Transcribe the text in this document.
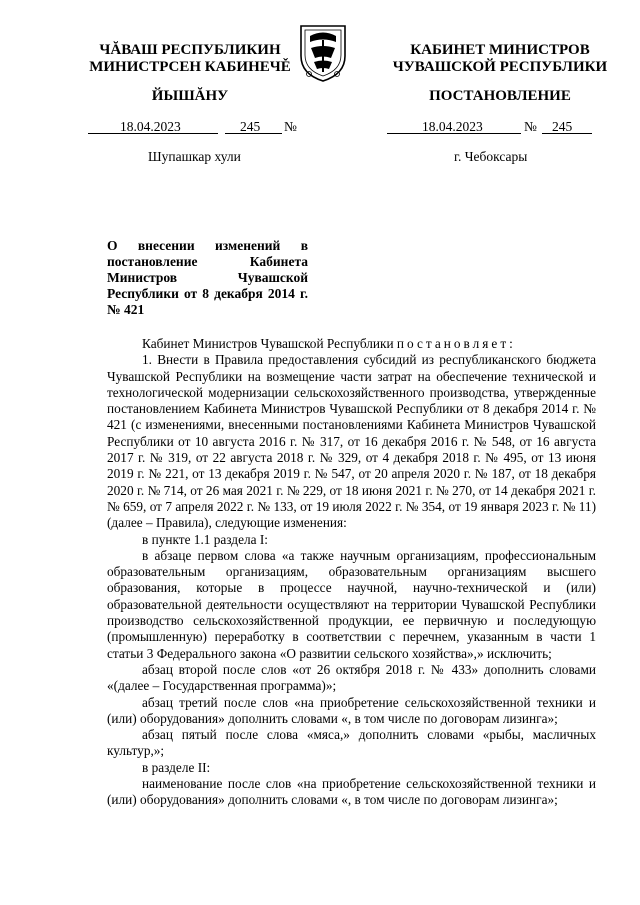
ЧĂВАШ РЕСПУБЛИКИН
МИНИСТРСЕН КАБИНЕЧĚ
ЙЫШĂНУ
КАБИНЕТ МИНИСТРОВ
ЧУВАШСКОЙ РЕСПУБЛИКИ
ПОСТАНОВЛЕНИЕ
18.04.2023	245 №	18.04.2023	№ 245
Шупашкар хули	г. Чебоксары
О внесении изменений в постановление Кабинета Министров Чувашской Республики от 8 декабря 2014 г. № 421

Кабинет Министров Чувашской Республики постановляет:

1. Внести в Правила предоставления субсидий из республиканского бюджета Чувашской Республики на возмещение части затрат на обеспечение технической и технологической модернизации сельскохозяйственного производства, утвержденные постановлением Кабинета Министров Чувашской Республики от 8 декабря 2014 г. № 421 (с изменениями, внесенными постановлениями Кабинета Министров Чувашской Республики от 10 августа 2016 г. № 317, от 16 декабря 2016 г. № 548, от 16 августа 2017 г. № 319, от 22 августа 2018 г. № 329, от 4 декабря 2018 г. № 495, от 13 июня 2019 г. № 221, от 13 декабря 2019 г. № 547, от 20 апреля 2020 г. № 187, от 18 декабря 2020 г. № 714, от 26 мая 2021 г. № 229, от 18 июня 2021 г. № 270, от 14 декабря 2021 г. № 659, от 7 апреля 2022 г. № 133, от 19 июля 2022 г. № 354, от 19 января 2023 г. № 11) (далее – Правила), следующие изменения:

в пункте 1.1 раздела I:

в абзаце первом слова «а также научным организациям, профессиональным образовательным организациям, образовательным организациям высшего образования, которые в процессе научной, научно-технической и (или) образовательной деятельности осуществляют на территории Чувашской Республики производство сельскохозяйственной продукции, ее первичную и последующую (промышленную) переработку в соответствии с перечнем, указанным в части 1 статьи 3 Федерального закона «О развитии сельского хозяйства»,» исключить;

абзац второй после слов «от 26 октября 2018 г. № 433» дополнить словами «(далее – Государственная программа)»;

абзац третий после слов «на приобретение сельскохозяйственной техники и (или) оборудования» дополнить словами «, в том числе по договорам лизинга»;

абзац пятый после слова «мяса,» дополнить словами «рыбы, масличных культур,»;

в разделе II:

наименование после слов «на приобретение сельскохозяйственной техники и (или) оборудования» дополнить словами «, в том числе по договорам лизинга»;
